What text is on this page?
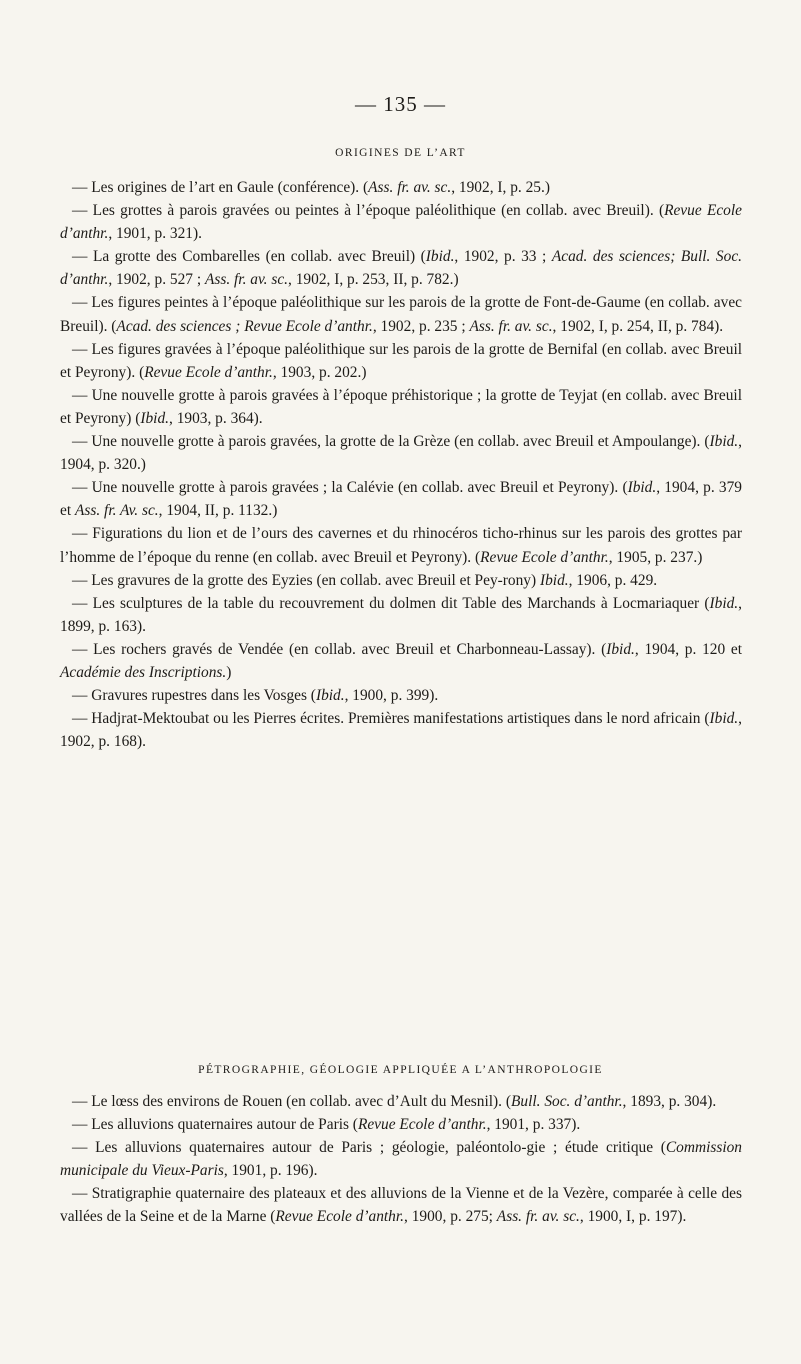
— 135 —
ORIGINES DE L’ART

— Les origines de l’art en Gaule (conférence). (Ass. fr. av. sc., 1902, I, p. 25.)

— Les grottes à parois gravées ou peintes à l’époque paléolithique (en collab. avec Breuil). (Revue Ecole d’anthr., 1901, p. 321).

— La grotte des Combarelles (en collab. avec Breuil) (Ibid., 1902, p. 33 ; Acad. des sciences; Bull. Soc. d’anthr., 1902, p. 527 ; Ass. fr. av. sc., 1902, I, p. 253, II, p. 782.)

— Les figures peintes à l’époque paléolithique sur les parois de la grotte de Font-de-Gaume (en collab. avec Breuil). (Acad. des sciences ; Revue Ecole d’anthr., 1902, p. 235 ; Ass. fr. av. sc., 1902, I, p. 254, II, p. 784).

— Les figures gravées à l’époque paléolithique sur les parois de la grotte de Bernifal (en collab. avec Breuil et Peyrony). (Revue Ecole d’anthr., 1903, p. 202.)

— Une nouvelle grotte à parois gravées à l’époque préhistorique ; la grotte de Teyjat (en collab. avec Breuil et Peyrony) (Ibid., 1903, p. 364).

— Une nouvelle grotte à parois gravées, la grotte de la Grèze (en collab. avec Breuil et Ampoulange). (Ibid., 1904, p. 320.)

— Une nouvelle grotte à parois gravées ; la Calévie (en collab. avec Breuil et Peyrony). (Ibid., 1904, p. 379 et Ass. fr. Av. sc., 1904, II, p. 1132.)

— Figurations du lion et de l’ours des cavernes et du rhinocéros ticho-rhinus sur les parois des grottes par l’homme de l’époque du renne (en collab. avec Breuil et Peyrony). (Revue Ecole d’anthr., 1905, p. 237.)

— Les gravures de la grotte des Eyzies (en collab. avec Breuil et Pey-rony) Ibid., 1906, p. 429.

— Les sculptures de la table du recouvrement du dolmen dit Table des Marchands à Locmariaquer (Ibid., 1899, p. 163).

— Les rochers gravés de Vendée (en collab. avec Breuil et Charbonneau-Lassay). (Ibid., 1904, p. 120 et Académie des Inscriptions.)

— Gravures rupestres dans les Vosges (Ibid., 1900, p. 399).

— Hadjrat-Mektoubat ou les Pierres écrites. Premières manifestations artistiques dans le nord africain (Ibid., 1902, p. 168).

PÉTROGRAPHIE, GÉOLOGIE APPLIQUÉE A L’ANTHROPOLOGIE

— Le lœss des environs de Rouen (en collab. avec d’Ault du Mesnil). (Bull. Soc. d’anthr., 1893, p. 304).

— Les alluvions quaternaires autour de Paris (Revue Ecole d’anthr., 1901, p. 337).

— Les alluvions quaternaires autour de Paris ; géologie, paléontolo-gie ; étude critique (Commission municipale du Vieux-Paris, 1901, p. 196).

— Stratigraphie quaternaire des plateaux et des alluvions de la Vienne et de la Vezère, comparée à celle des vallées de la Seine et de la Marne (Revue Ecole d’anthr., 1900, p. 275; Ass. fr. av. sc., 1900, I, p. 197).
